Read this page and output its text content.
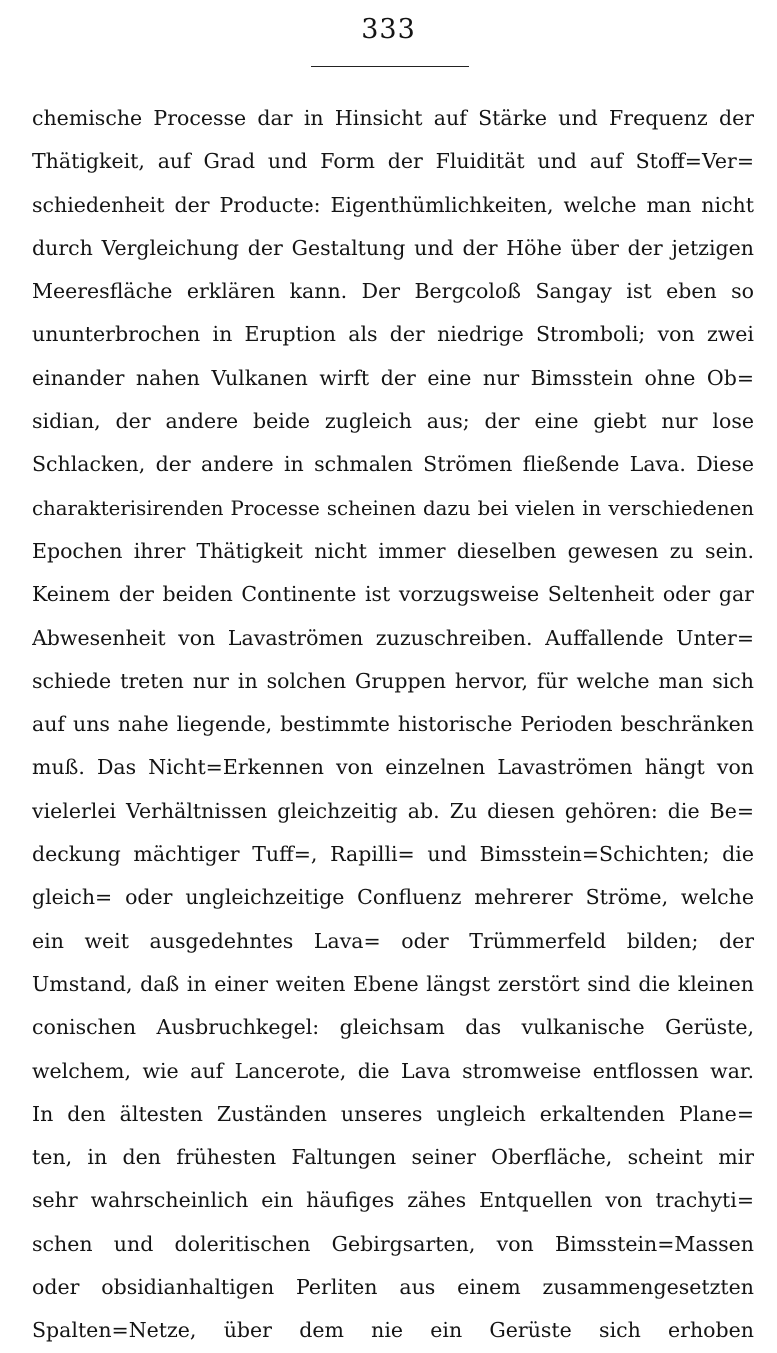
333
chemische Processe dar in Hinsicht auf Stärke und Frequenz der
Thätigkeit, auf Grad und Form der Fluidität und auf Stoff=Ver=
schiedenheit der Producte: Eigenthümlichkeiten, welche man nicht
durch Vergleichung der Gestaltung und der Höhe über der jetzigen
Meeresfläche erklären kann. Der Bergcoloß Sangay ist eben so
ununterbrochen in Eruption als der niedrige Stromboli; von zwei
einander nahen Vulkanen wirft der eine nur Bimsstein ohne Ob=
sidian, der andere beide zugleich aus; der eine giebt nur lose
Schlacken, der andere in schmalen Strömen fließende Lava. Diese
charakterisirenden Processe scheinen dazu bei vielen in verschiedenen
Epochen ihrer Thätigkeit nicht immer dieselben gewesen zu sein.
Keinem der beiden Continente ist vorzugsweise Seltenheit oder gar
Abwesenheit von Lavaströmen zuzuschreiben. Auffallende Unter=
schiede treten nur in solchen Gruppen hervor, für welche man sich
auf uns nahe liegende, bestimmte historische Perioden beschränken
muß. Das Nicht=Erkennen von einzelnen Lavaströmen hängt von
vielerlei Verhältnissen gleichzeitig ab. Zu diesen gehören: die Be=
deckung mächtiger Tuff=, Rapilli= und Bimsstein=Schichten; die
gleich= oder ungleichzeitige Confluenz mehrerer Ströme, welche
ein weit ausgedehntes Lava= oder Trümmerfeld bilden; der
Umstand, daß in einer weiten Ebene längst zerstört sind die kleinen
conischen Ausbruchkegel: gleichsam das vulkanische Gerüste,
welchem, wie auf Lancerote, die Lava stromweise entflossen war.
In den ältesten Zuständen unseres ungleich erkaltenden Plane=
ten, in den frühesten Faltungen seiner Oberfläche, scheint mir
sehr wahrscheinlich ein häufiges zähes Entquellen von trachyti=
schen und doleritischen Gebirgsarten, von Bimsstein=Massen
oder obsidianhaltigen Perliten aus einem zusammengesetzten
Spalten=Netze, über dem nie ein Gerüste sich erhoben
